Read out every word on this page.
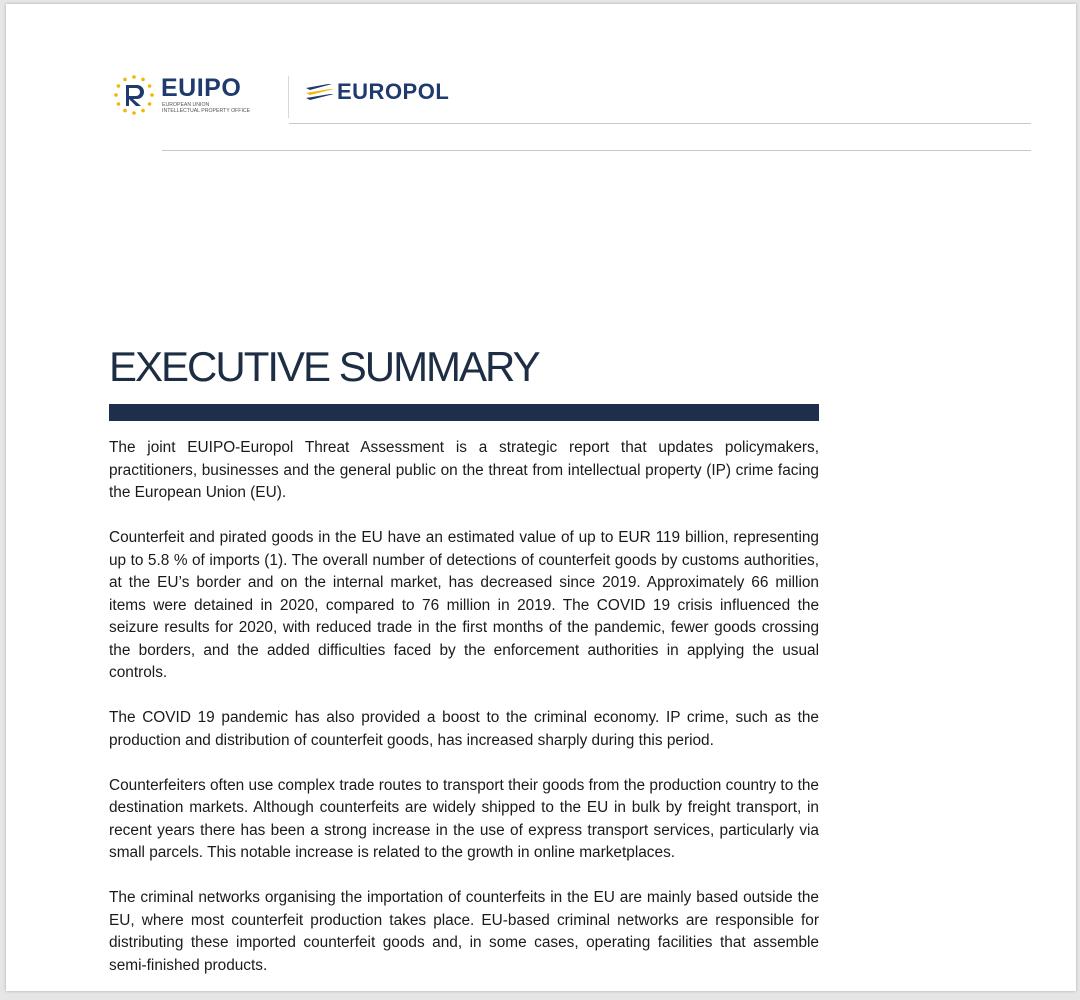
EUIPO
EUROPEAN UNION
INTELLECTUAL PROPERTY OFFICE
EUROPOL
EXECUTIVE SUMMARY

The joint EUIPO-Europol Threat Assessment is a strategic report that updates policymakers, practitioners, businesses and the general public on the threat from intellectual property (IP) crime facing the European Union (EU).

Counterfeit and pirated goods in the EU have an estimated value of up to EUR 119 billion, representing up to 5.8 % of imports (1). The overall number of detections of counterfeit goods by customs authorities, at the EU’s border and on the internal market, has decreased since 2019. Approximately 66 million items were detained in 2020, compared to 76 million in 2019. The COVID 19 crisis influenced the seizure results for 2020, with reduced trade in the first months of the pandemic, fewer goods crossing the borders, and the added difficulties faced by the enforcement authorities in applying the usual controls.

The COVID 19 pandemic has also provided a boost to the criminal economy. IP crime, such as the production and distribution of counterfeit goods, has increased sharply during this period.

Counterfeiters often use complex trade routes to transport their goods from the production country to the destination markets. Although counterfeits are widely shipped to the EU in bulk by freight transport, in recent years there has been a strong increase in the use of express transport services, particularly via small parcels. This notable increase is related to the growth in online marketplaces.

The criminal networks organising the importation of counterfeits in the EU are mainly based outside the EU, where most counterfeit production takes place. EU-based criminal networks are responsible for distributing these imported counterfeit goods and, in some cases, operating facilities that assemble semi-finished products.
